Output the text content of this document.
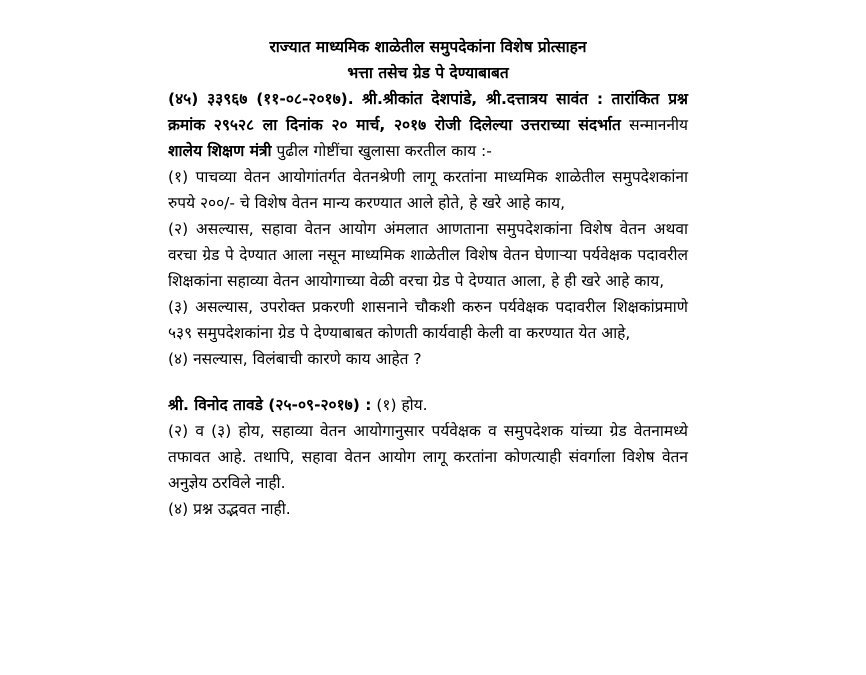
राज्यात माध्यमिक शाळेतील समुपदेकांना विशेष प्रोत्साहन

भत्ता तसेच ग्रेड पे देण्याबाबत

(४५) ३३९६७ (११-०८-२०१७). श्री.श्रीकांत देशपांडे, श्री.दत्तात्रय सावंत : तारांकित प्रश्न क्रमांक २९५२८ ला दिनांक २० मार्च, २०१७ रोजी दिलेल्या उत्तराच्या संदर्भात सन्माननीय शालेय शिक्षण मंत्री पुढील गोष्टींचा खुलासा करतील काय :-

(१) पाचव्या वेतन आयोगांतर्गत वेतनश्रेणी लागू करतांना माध्यमिक शाळेतील समुपदेशकांना रुपये २००/- चे विशेष वेतन मान्य करण्यात आले होते, हे खरे आहे काय,

(२) असल्यास, सहावा वेतन आयोग अंमलात आणताना समुपदेशकांना विशेष वेतन अथवा वरचा ग्रेड पे देण्यात आला नसून माध्यमिक शाळेतील विशेष वेतन घेणाऱ्या पर्यवेक्षक पदावरील शिक्षकांना सहाव्या वेतन आयोगाच्या वेळी वरचा ग्रेड पे देण्यात आला, हे ही खरे आहे काय,

(३) असल्यास, उपरोक्त प्रकरणी शासनाने चौकशी करुन पर्यवेक्षक पदावरील शिक्षकांप्रमाणे ५३९ समुपदेशकांना ग्रेड पे देण्याबाबत कोणती कार्यवाही केली वा करण्यात येत आहे,

(४) नसल्यास, विलंबाची कारणे काय आहेत ?

श्री. विनोद तावडे (२५-०९-२०१७) : (१) होय.

(२) व (३) होय, सहाव्या वेतन आयोगानुसार पर्यवेक्षक व समुपदेशक यांच्या ग्रेड वेतनामध्ये तफावत आहे. तथापि, सहावा वेतन आयोग लागू करतांना कोणत्याही संवर्गाला विशेष वेतन अनुज्ञेय ठरविले नाही.

(४) प्रश्न उद्भवत नाही.
